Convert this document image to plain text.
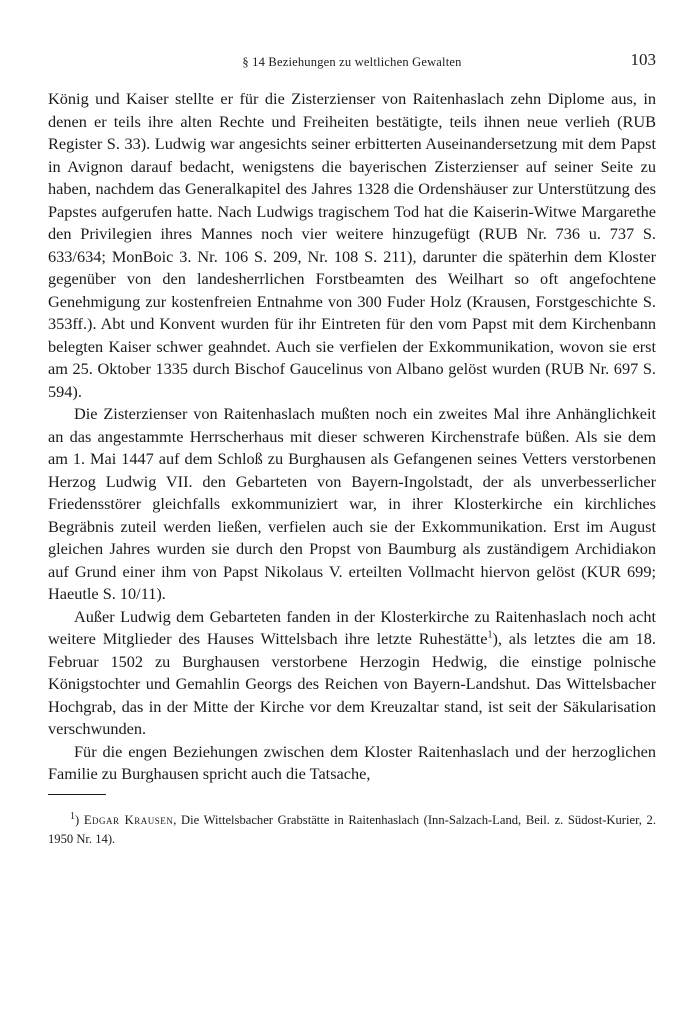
§ 14 Beziehungen zu weltlichen Gewalten	103

König und Kaiser stellte er für die Zisterzienser von Raitenhaslach zehn Diplome aus, in denen er teils ihre alten Rechte und Freiheiten bestätigte, teils ihnen neue verlieh (RUB Register S. 33). Ludwig war angesichts seiner erbitterten Auseinandersetzung mit dem Papst in Avignon darauf bedacht, wenigstens die bayerischen Zisterzienser auf seiner Seite zu haben, nachdem das Generalkapitel des Jahres 1328 die Ordenshäuser zur Unterstützung des Papstes aufgerufen hatte. Nach Ludwigs tragischem Tod hat die Kaiserin-Witwe Margarethe den Privilegien ihres Mannes noch vier weitere hinzugefügt (RUB Nr. 736 u. 737 S. 633/634; MonBoic 3. Nr. 106 S. 209, Nr. 108 S. 211), darunter die späterhin dem Kloster gegenüber von den landesherrlichen Forstbeamten des Weilhart so oft angefochtene Genehmigung zur kostenfreien Entnahme von 300 Fuder Holz (Krausen, Forstgeschichte S. 353ff.). Abt und Konvent wurden für ihr Eintreten für den vom Papst mit dem Kirchenbann belegten Kaiser schwer geahndet. Auch sie verfielen der Exkommunikation, wovon sie erst am 25. Oktober 1335 durch Bischof Gaucelinus von Albano gelöst wurden (RUB Nr. 697 S. 594).

Die Zisterzienser von Raitenhaslach mußten noch ein zweites Mal ihre Anhänglichkeit an das angestammte Herrscherhaus mit dieser schweren Kirchenstrafe büßen. Als sie dem am 1. Mai 1447 auf dem Schloß zu Burghausen als Gefangenen seines Vetters verstorbenen Herzog Ludwig VII. den Gebarteten von Bayern-Ingolstadt, der als unverbesserlicher Friedensstörer gleichfalls exkommuniziert war, in ihrer Klosterkirche ein kirchliches Begräbnis zuteil werden ließen, verfielen auch sie der Exkommunikation. Erst im August gleichen Jahres wurden sie durch den Propst von Baumburg als zuständigem Archidiakon auf Grund einer ihm von Papst Nikolaus V. erteilten Vollmacht hiervon gelöst (KUR 699; Haeutle S. 10/11).

Außer Ludwig dem Gebarteten fanden in der Klosterkirche zu Raitenhaslach noch acht weitere Mitglieder des Hauses Wittelsbach ihre letzte Ruhestätte$^1$), als letztes die am 18. Februar 1502 zu Burghausen verstorbene Herzogin Hedwig, die einstige polnische Königstochter und Gemahlin Georgs des Reichen von Bayern-Landshut. Das Wittelsbacher Hochgrab, das in der Mitte der Kirche vor dem Kreuzaltar stand, ist seit der Säkularisation verschwunden.

Für die engen Beziehungen zwischen dem Kloster Raitenhaslach und der herzoglichen Familie zu Burghausen spricht auch die Tatsache,

$^1$) Edgar Krausen, Die Wittelsbacher Grabstätte in Raitenhaslach (Inn-Salzach-Land, Beil. z. Südost-Kurier, 2. 1950 Nr. 14).
